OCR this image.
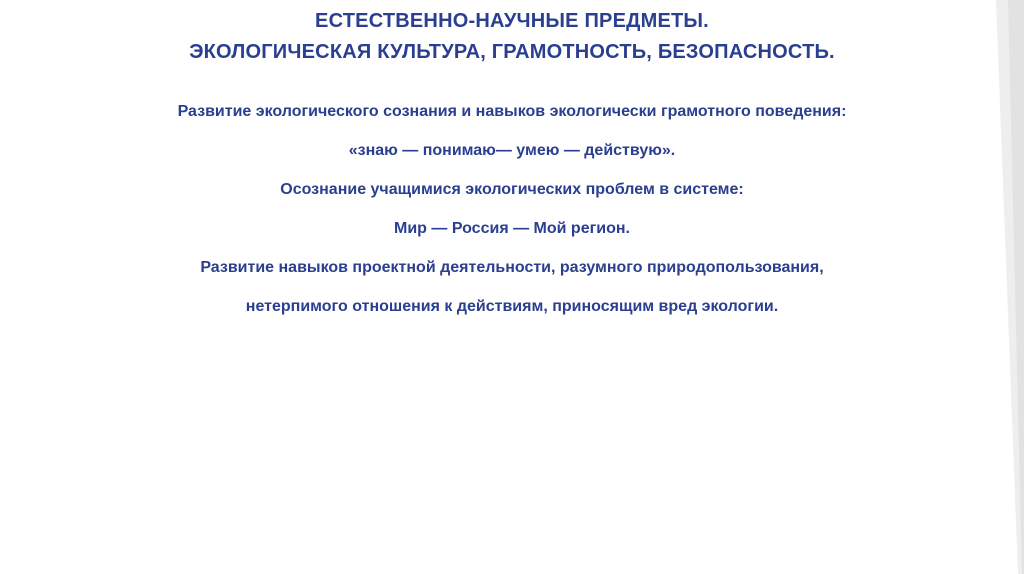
ЕСТЕСТВЕННО-НАУЧНЫЕ ПРЕДМЕТЫ.
ЭКОЛОГИЧЕСКАЯ КУЛЬТУРА, ГРАМОТНОСТЬ, БЕЗОПАСНОСТЬ.
Развитие экологического сознания и навыков экологически грамотного поведения:
«знаю — понимаю— умею — действую».
Осознание учащимися экологических проблем в системе:
Мир — Россия — Мой регион.
Развитие навыков проектной деятельности, разумного природопользования,
нетерпимого отношения к действиям, приносящим вред экологии.
